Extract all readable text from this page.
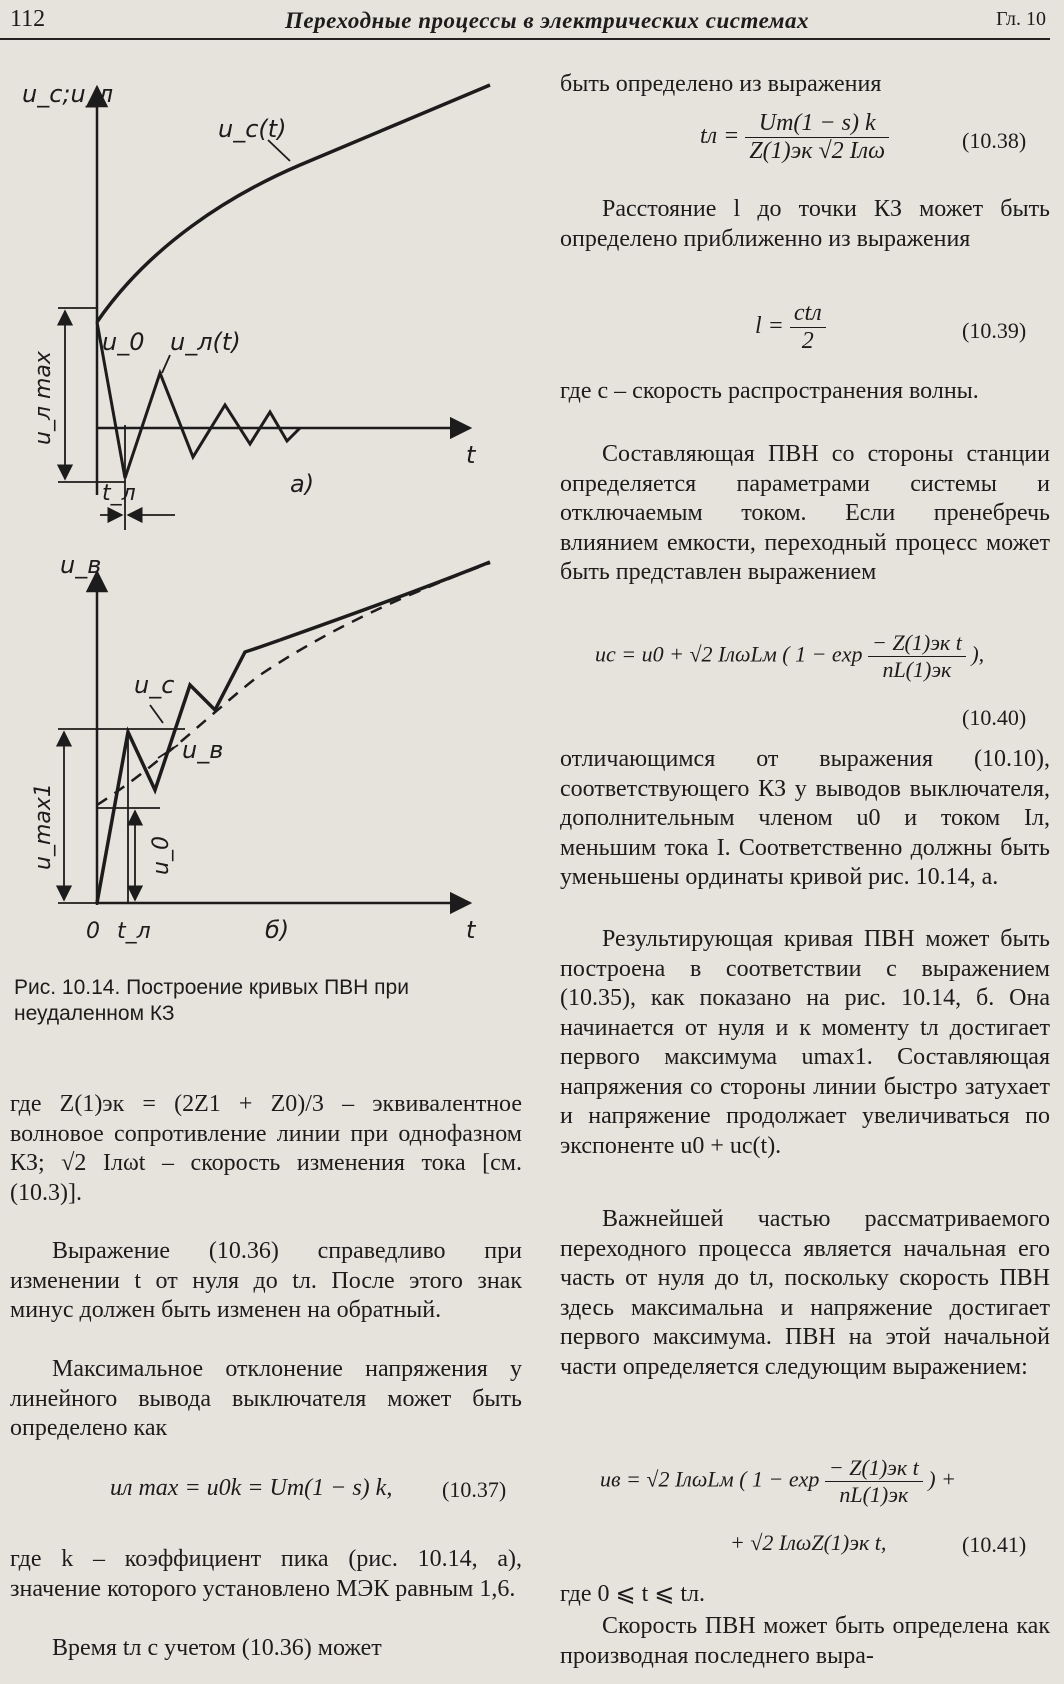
112	Переходные процессы в электрических системах	Гл. 10
u_c;u_л
u_c(t)
u_0 u_л(t)
u_л max
t
t_л	а)
u_в
u_c
u_в
u_max1	u_0
0 t_л	б)	t

Рис. 10.14. Построение кривых ПВН при неудаленном КЗ

где Z(1)эк = (2Z1 + Z0)/3 – эквивалентное волновое сопротивление линии при однофазном КЗ; √2 Iлωt – скорость изменения тока [см. (10.3)].

Выражение (10.36) справедливо при изменении t от нуля до tл. После этого знак минус должен быть изменен на обратный.

Максимальное отклонение напряжения у линейного вывода выключателя может быть определено как

uл max = u0k = Um(1 − s) k, (10.37)

где k – коэффициент пика (рис. 10.14, а), значение которого установлено МЭК равным 1,6.

Время tл с учетом (10.36) может

быть определено из выражения

tл = $\frac{Um(1 - s) k}{\text{Z(1)эк √2 Iлω}}$	(10.38)

Расстояние l до точки КЗ может быть определено приближенно из выражения

$l = \frac{\text{ctл}}{2}$	(10.39)

где c – скорость распространения волны.

Составляющая ПВН со стороны станции определяется параметрами системы и отключаемым током. Если пренебречь влиянием емкости, переходный процесс может быть представлен выражением

uc = u0 + √2 IлωLм ( $1 - \exp \frac{\text{− Z(1)эк t}}{nL(1)эк}$ ),
(10.40)

отличающимся от выражения (10.10), соответствующего КЗ у выводов выключателя, дополнительным членом u0 и током Iл, меньшим тока I. Соответственно должны быть уменьшены ординаты кривой рис. 10.14, а.

Результирующая кривая ПВН может быть построена в соответствии с выражением (10.35), как показано на рис. 10.14, б. Она начинается от нуля и к моменту tл достигает первого максимума umax1. Составляющая напряжения со стороны линии быстро затухает и напряжение продолжает увеличиваться по экспоненте u0 + uc(t).

Важнейшей частью рассматриваемого переходного процесса является начальная его часть от нуля до tл, поскольку скорость ПВН здесь максимальна и напряжение достигает первого максимума. ПВН на этой начальной части определяется следующим выражением:

uв = √2 IлωLм ( $1 - \exp \frac{\text{− Z(1)эк t}}{nL(1)эк}$ ) +
+ √2 IлωZ(1)эк t,	(10.41)

где 0 ⩽ t ⩽ tл.

Скорость ПВН может быть определена как производная последнего выра-
